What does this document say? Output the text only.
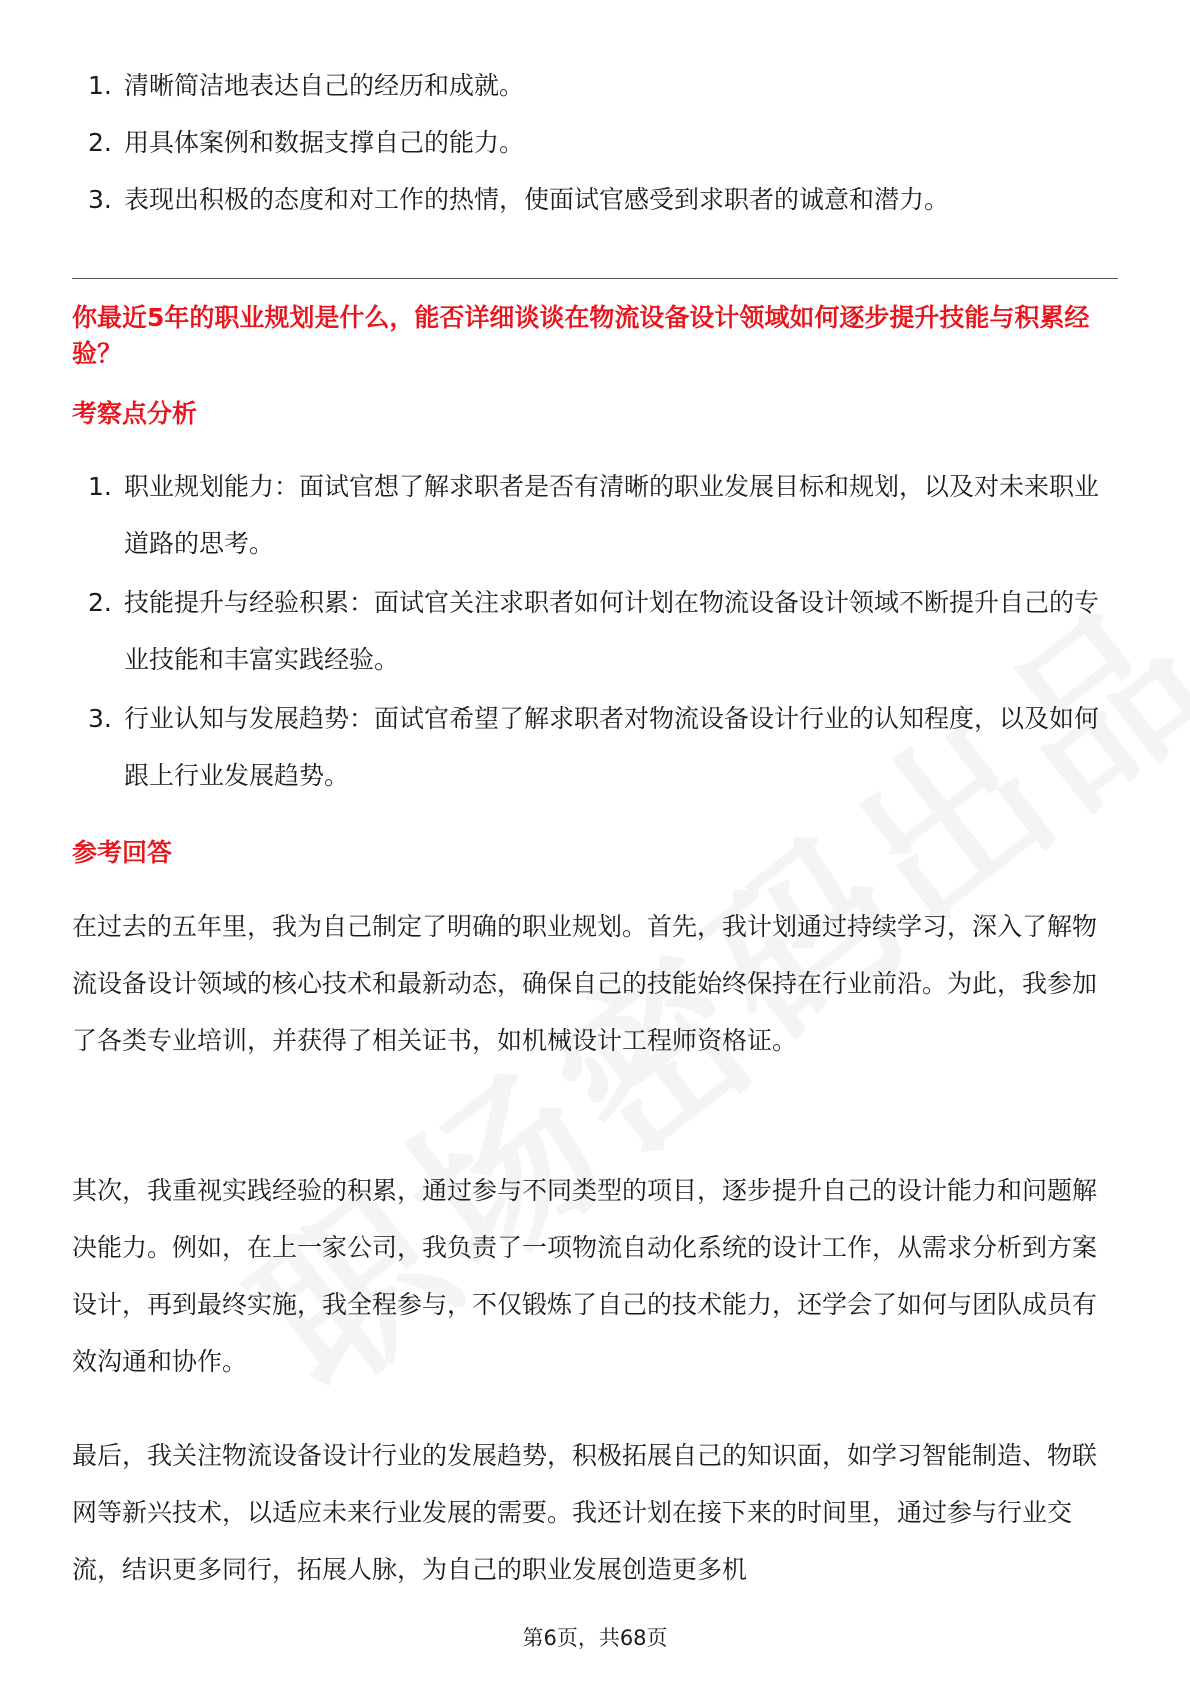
1. 清晰简洁地表达自己的经历和成就。
2. 用具体案例和数据支撑自己的能力。
3. 表现出积极的态度和对工作的热情，使面试官感受到求职者的诚意和潜力。
你最近5年的职业规划是什么，能否详细谈谈在物流设备设计领域如何逐步提升技能与积累经验？
考察点分析
1. 职业规划能力：面试官想了解求职者是否有清晰的职业发展目标和规划，以及对未来职业道路的思考。
2. 技能提升与经验积累：面试官关注求职者如何计划在物流设备设计领域不断提升自己的专业技能和丰富实践经验。
3. 行业认知与发展趋势：面试官希望了解求职者对物流设备设计行业的认知程度，以及如何跟上行业发展趋势。
参考回答

在过去的五年里，我为自己制定了明确的职业规划。首先，我计划通过持续学习，深入了解物流设备设计领域的核心技术和最新动态，确保自己的技能始终保持在行业前沿。为此，我参加了各类专业培训，并获得了相关证书，如机械设计工程师资格证。

其次，我重视实践经验的积累，通过参与不同类型的项目，逐步提升自己的设计能力和问题解决能力。例如，在上一家公司，我负责了一项物流自动化系统的设计工作，从需求分析到方案设计，再到最终实施，我全程参与，不仅锻炼了自己的技术能力，还学会了如何与团队成员有效沟通和协作。

最后，我关注物流设备设计行业的发展趋势，积极拓展自己的知识面，如学习智能制造、物联网等新兴技术，以适应未来行业发展的需要。我还计划在接下来的时间里，通过参与行业交流，结识更多同行，拓展人脉，为自己的职业发展创造更多机

第6页，共68页
